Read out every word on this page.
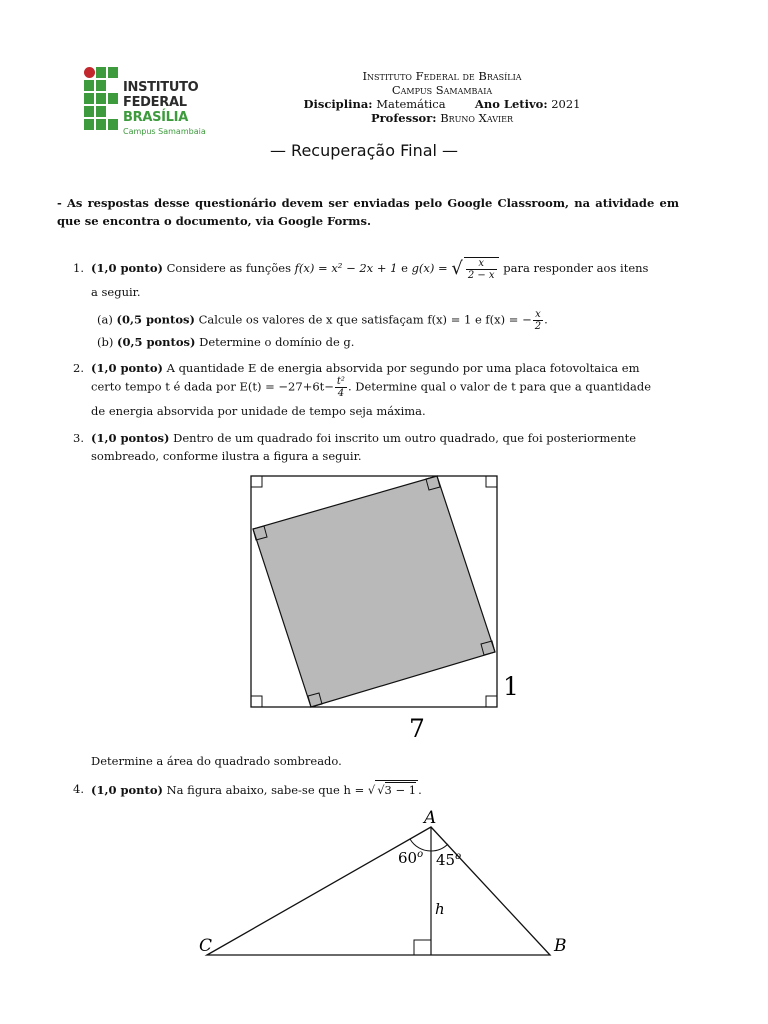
INSTITUTO FEDERAL
BRASÍLIA
Campus Samambaia
Instituto Federal de Brasília
Campus Samambaia
Disciplina: Matemática	Ano Letivo: 2021
Professor: Bruno Xavier
— Recuperação Final —
- As respostas desse questionário devem ser enviadas pelo Google Classroom, na atividade em que se encontra o documento, via Google Forms.
1. (1,0 ponto) Considere as funções f(x) = x² − 2x + 1 e g(x) = √ $\frac{x}{2 - x}$ para responder aos itens
a seguir.
(a) (0,5 pontos) Calcule os valores de x que satisfaçam f(x) = 1 e f(x) = − $\frac{x}{2}$ .
(b) (0,5 pontos) Determine o domínio de g.
2. (1,0 ponto) A quantidade E de energia absorvida por segundo por uma placa fotovoltaica em
certo tempo t é dada por $E(t) = -27+6t- \frac{\text{t²}}{4}$ . Determine qual o valor de t para que a quantidade
de energia absorvida por unidade de tempo seja máxima.
3. (1,0 pontos) Dentro de um quadrado foi inscrito um outro quadrado, que foi posteriormente
sombreado, conforme ilustra a figura a seguir.
1
7
Determine a área do quadrado sombreado.
4. (1,0 ponto) Na figura abaixo, sabe-se que h = √ √3 − 1 .
A
B
C
h
60$^o$ 45$^o$
